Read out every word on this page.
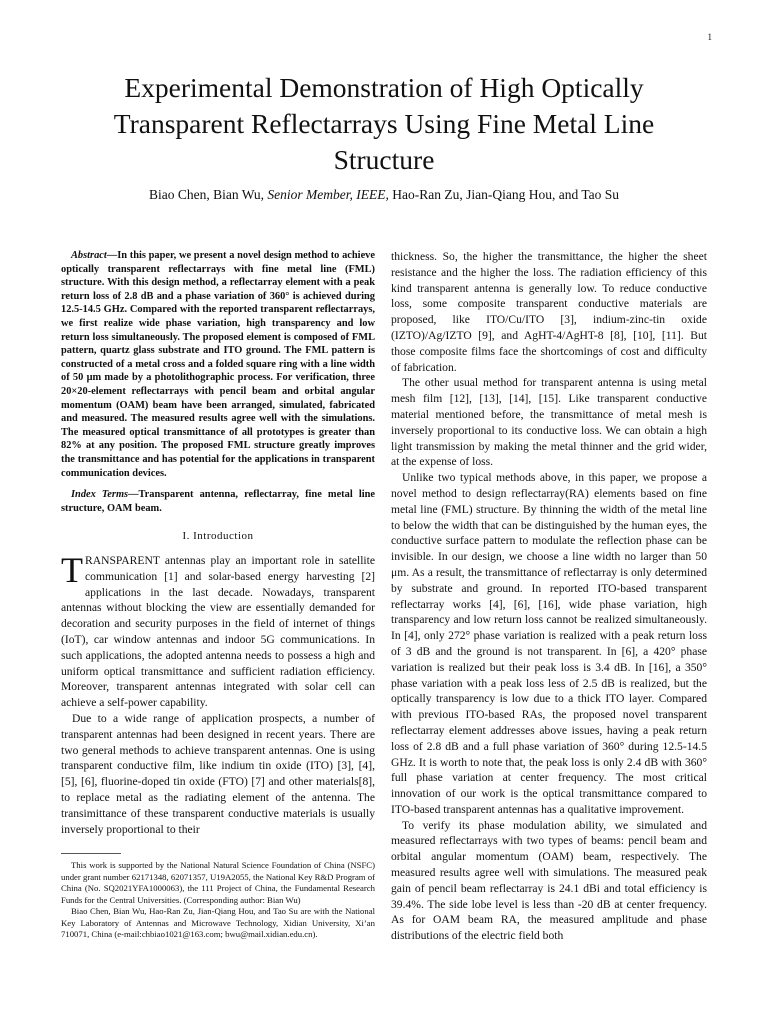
1
Experimental Demonstration of High Optically
Transparent Reflectarrays Using Fine Metal Line
Structure
Biao Chen, Bian Wu, Senior Member, IEEE, Hao-Ran Zu, Jian-Qiang Hou, and Tao Su

Abstract—In this paper, we present a novel design method to achieve optically transparent reflectarrays with fine metal line (FML) structure. With this design method, a reflectarray element with a peak return loss of 2.8 dB and a phase variation of 360° is achieved during 12.5-14.5 GHz. Compared with the reported transparent reflectarrays, we first realize wide phase variation, high transparency and low return loss simultaneously. The proposed element is composed of FML pattern, quartz glass substrate and ITO ground. The FML pattern is constructed of a metal cross and a folded square ring with a line width of 50 μm made by a photolithographic process. For verification, three 20×20-element reflectarrays with pencil beam and orbital angular momentum (OAM) beam have been arranged, simulated, fabricated and measured. The measured results agree well with the simulations. The measured optical transmittance of all prototypes is greater than 82% at any position. The proposed FML structure greatly improves the transmittance and has potential for the applications in transparent communication devices.

Index Terms—Transparent antenna, reflectarray, fine metal line structure, OAM beam.

I. Introduction

TRANSPARENT antennas play an important role in satellite communication [1] and solar-based energy harvesting [2] applications in the last decade. Nowadays, transparent antennas without blocking the view are essentially demanded for decoration and security purposes in the field of internet of things (IoT), car window antennas and indoor 5G communications. In such applications, the adopted antenna needs to possess a high and uniform optical transmittance and sufficient radiation efficiency. Moreover, transparent antennas integrated with solar cell can achieve a self-power capability.

Due to a wide range of application prospects, a number of transparent antennas had been designed in recent years. There are two general methods to achieve transparent antennas. One is using transparent conductive film, like indium tin oxide (ITO) [3], [4], [5], [6], fluorine-doped tin oxide (FTO) [7] and other materials[8], to replace metal as the radiating element of the antenna. The transimittance of these transparent conductive materials is usually inversely proportional to their

This work is supported by the National Natural Science Foundation of China (NSFC) under grant number 62171348, 62071357, U19A2055, the National Key R&D Program of China (No. SQ2021YFA1000063), the 111 Project of China, the Fundamental Research Funds for the Central Universities. (Corresponding author: Bian Wu)

Biao Chen, Bian Wu, Hao-Ran Zu, Jian-Qiang Hou, and Tao Su are with the National Key Laboratory of Antennas and Microwave Technology, Xidian University, Xi’an 710071, China (e-mail:chbiao1021@163.com; bwu@mail.xidian.edu.cn).

thickness. So, the higher the transmittance, the higher the sheet resistance and the higher the loss. The radiation efficiency of this kind transparent antenna is generally low. To reduce conductive loss, some composite transparent conductive materials are proposed, like ITO/Cu/ITO [3], indium-zinc-tin oxide (IZTO)/Ag/IZTO [9], and AgHT-4/AgHT-8 [8], [10], [11]. But those composite films face the shortcomings of cost and difficulty of fabrication.

The other usual method for transparent antenna is using metal mesh film [12], [13], [14], [15]. Like transparent conductive material mentioned before, the transmittance of metal mesh is inversely proportional to its conductive loss. We can obtain a high light transmission by making the metal thinner and the grid wider, at the expense of loss.

Unlike two typical methods above, in this paper, we propose a novel method to design reflectarray(RA) elements based on fine metal line (FML) structure. By thinning the width of the metal line to below the width that can be distinguished by the human eyes, the conductive surface pattern to modulate the reflection phase can be invisible. In our design, we choose a line width no larger than 50 μm. As a result, the transmittance of reflectarray is only determined by substrate and ground. In reported ITO-based transparent reflectarray works [4], [6], [16], wide phase variation, high transparency and low return loss cannot be realized simultaneously. In [4], only 272° phase variation is realized with a peak return loss of 3 dB and the ground is not transparent. In [6], a 420° phase variation is realized but their peak loss is 3.4 dB. In [16], a 350° phase variation with a peak loss less of 2.5 dB is realized, but the optically transparency is low due to a thick ITO layer. Compared with previous ITO-based RAs, the proposed novel transparent reflectarray element addresses above issues, having a peak return loss of 2.8 dB and a full phase variation of 360° during 12.5-14.5 GHz. It is worth to note that, the peak loss is only 2.4 dB with 360° full phase variation at center frequency. The most critical innovation of our work is the optical transmittance compared to ITO-based transparent antennas has a qualitative improvement.

To verify its phase modulation ability, we simulated and measured reflectarrays with two types of beams: pencil beam and orbital angular momentum (OAM) beam, respectively. The measured results agree well with simulations. The measured peak gain of pencil beam reflectarray is 24.1 dBi and total efficiency is 39.4%. The side lobe level is less than -20 dB at center frequency. As for OAM beam RA, the measured amplitude and phase distributions of the electric field both
